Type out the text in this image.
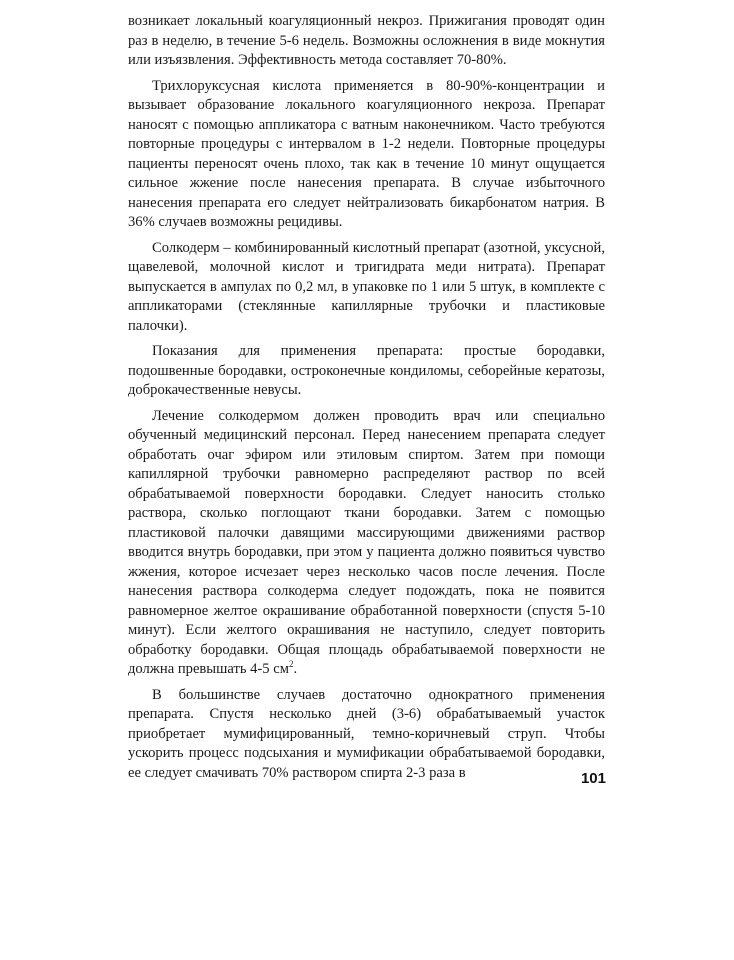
возникает локальный коагуляционный некроз. Прижигания проводят один раз в неделю, в течение 5-6 недель. Возможны осложнения в виде мокнутия или изъязвления. Эффективность метода составляет 70-80%.

Трихлоруксусная кислота применяется в 80-90%-концентрации и вызывает образование локального коагуляционного некроза. Препарат наносят с помощью аппликатора с ватным наконечником. Часто требуются повторные процедуры с интервалом в 1-2 недели. Повторные процедуры пациенты переносят очень плохо, так как в течение 10 минут ощущается сильное жжение после нанесения препарата. В случае избыточного нанесения препарата его следует нейтрализовать бикарбонатом натрия. В 36% случаев возможны рецидивы.

Солкодерм – комбинированный кислотный препарат (азотной, уксусной, щавелевой, молочной кислот и тригидрата меди нитрата). Препарат выпускается в ампулах по 0,2 мл, в упаковке по 1 или 5 штук, в комплекте с аппликаторами (стеклянные капиллярные трубочки и пластиковые палочки).

Показания для применения препарата: простые бородавки, подошвенные бородавки, остроконечные кондиломы, себорейные кератозы, доброкачественные невусы.

Лечение солкодермом должен проводить врач или специально обученный медицинский персонал. Перед нанесением препарата следует обработать очаг эфиром или этиловым спиртом. Затем при помощи капиллярной трубочки равномерно распределяют раствор по всей обрабатываемой поверхности бородавки. Следует наносить столько раствора, сколько поглощают ткани бородавки. Затем с помощью пластиковой палочки давящими массирующими движениями раствор вводится внутрь бородавки, при этом у пациента должно появиться чувство жжения, которое исчезает через несколько часов после лечения. После нанесения раствора солкодерма следует подождать, пока не появится равномерное желтое окрашивание обработанной поверхности (спустя 5-10 минут). Если желтого окрашивания не наступило, следует повторить обработку бородавки. Общая площадь обрабатываемой поверхности не должна превышать 4-5 $см^2$.

В большинстве случаев достаточно однократного применения препарата. Спустя несколько дней (3-6) обрабатываемый участок приобретает мумифицированный, темно-коричневый струп. Чтобы ускорить процесс подсыхания и мумификации обрабатываемой бородавки, ее следует смачивать 70% раствором спирта 2-3 раза в	101
